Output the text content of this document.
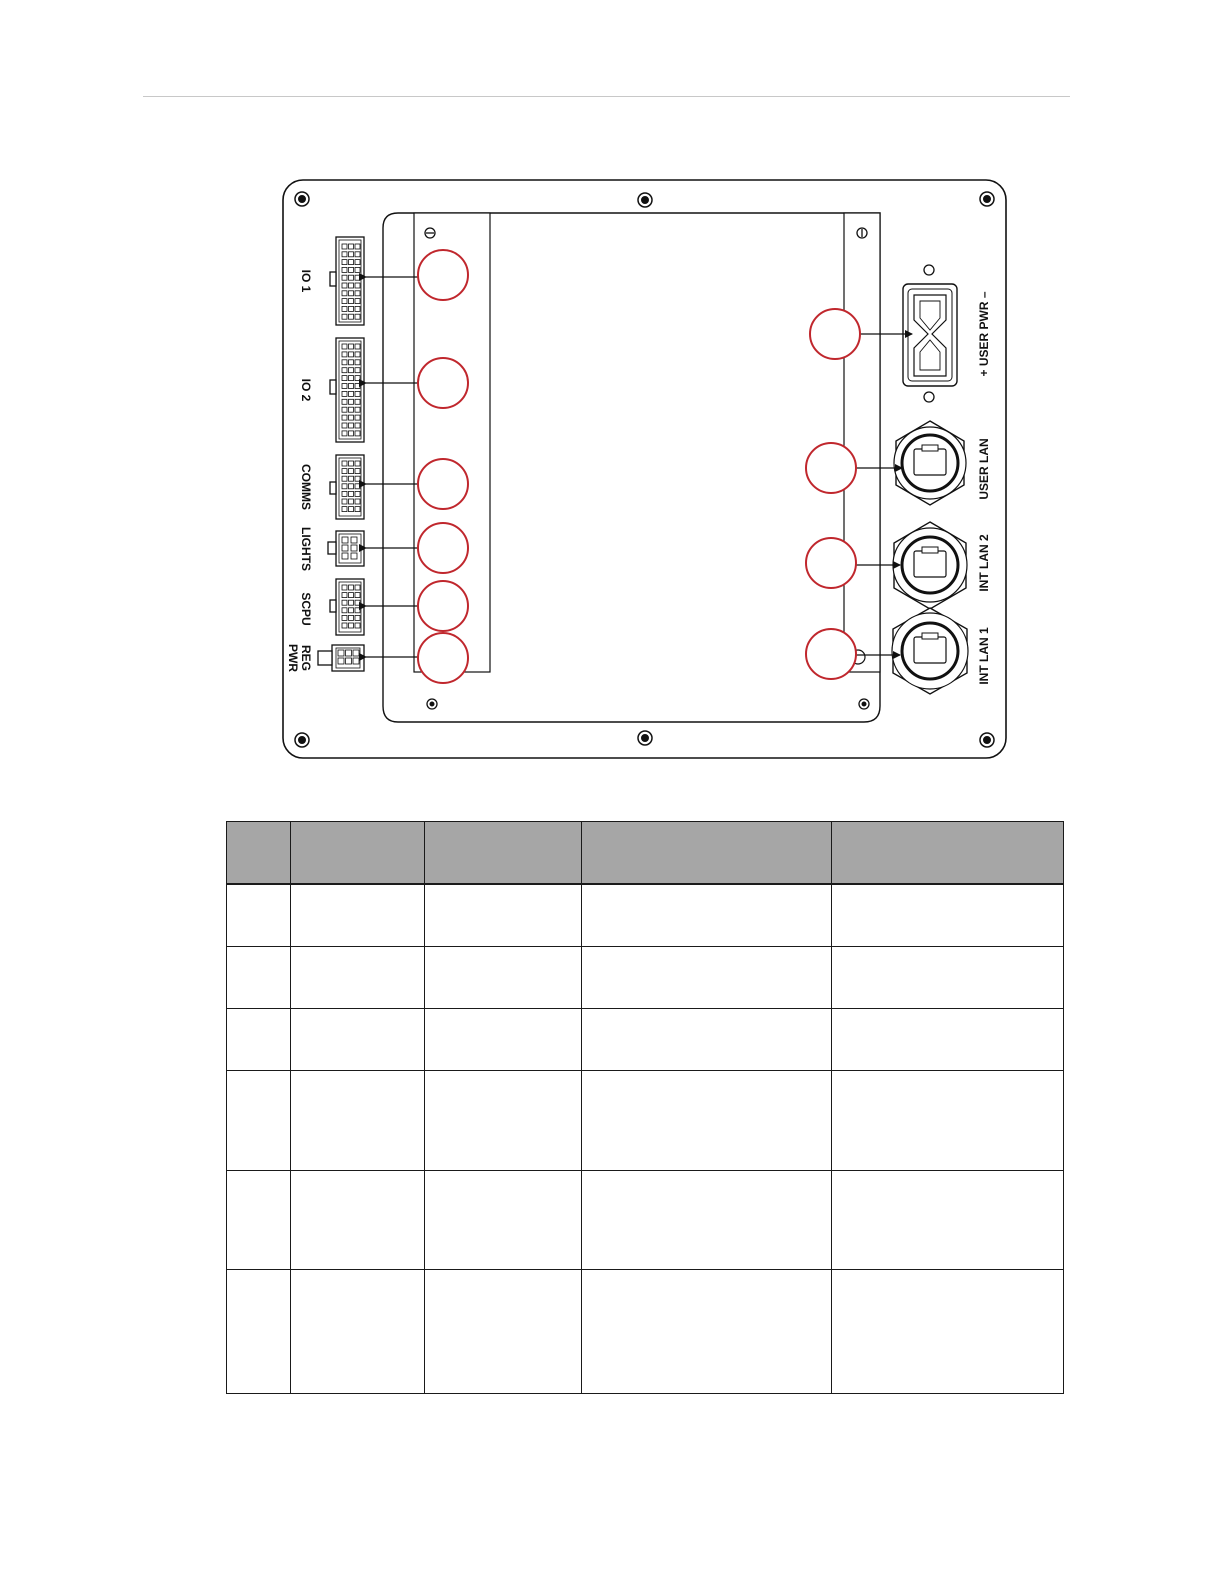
IO 1
IO 2
COMMS
LIGHTS
SCPU
REG
PWR
+ USER PWR –
USER LAN
INT LAN 2
INT LAN 1
